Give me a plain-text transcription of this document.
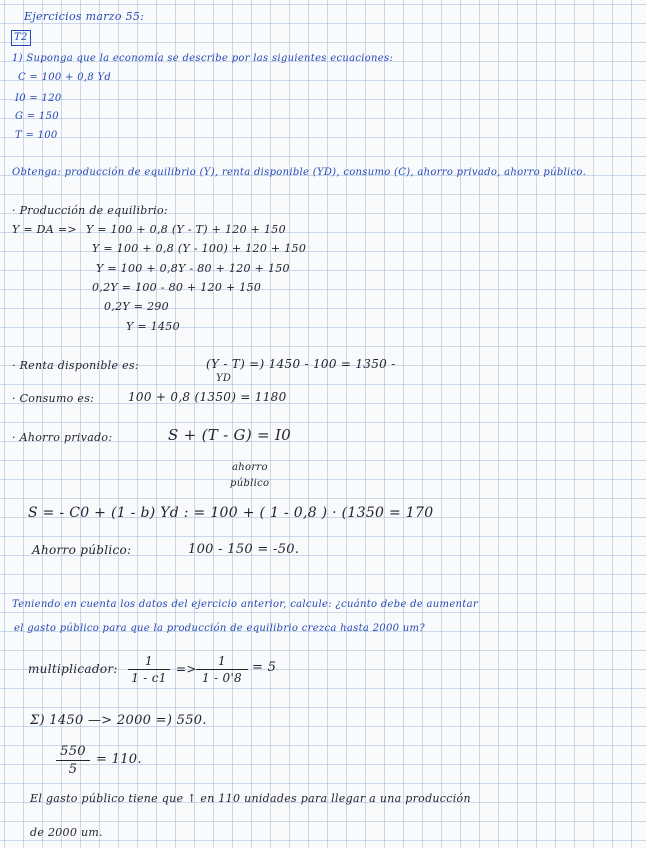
Ejercicios marzo 55:
T2
1) Suponga que la economía se describe por las siguientes ecuaciones:
C = 100 + 0,8 Yd
I0 = 120
G = 150
T = 100
Obtenga: producción de equilibrio (Y), renta disponible (YD), consumo (C), ahorro privado, ahorro público.
· Producción de equilibrio:
Y = DA => Y = 100 + 0,8 (Y - T) + 120 + 150
Y = 100 + 0,8 (Y - 100) + 120 + 150
Y = 100 + 0,8Y - 80 + 120 + 150
0,2Y = 100 - 80 + 120 + 150
0,2Y = 290
Y = 1450
· Renta disponible es:	(Y - T) =) 1450 - 100 = 1350 -
YD
· Consumo es:	100 + 0,8 (1350) = 1180
· Ahorro privado:	S + (T - G) = I0
ahorro
público
S = - C0 + (1 - b) Yd : = 100 + ( 1 - 0,8 ) · (1350 = 170
Ahorro público:	100 - 150 = -50.
Teniendo en cuenta los datos del ejercicio anterior, calcule: ¿cuánto debe de aumentar
el gasto público para que la producción de equilibrio crezca hasta 2000 um?
multiplicador:
1
1 - c1
=>
1
1 - 0'8
= 5
Σ) 1450 —> 2000 =) 550.
550
5
= 110.
El gasto público tiene que ↑ en 110 unidades para llegar a una producción
de 2000 um.
